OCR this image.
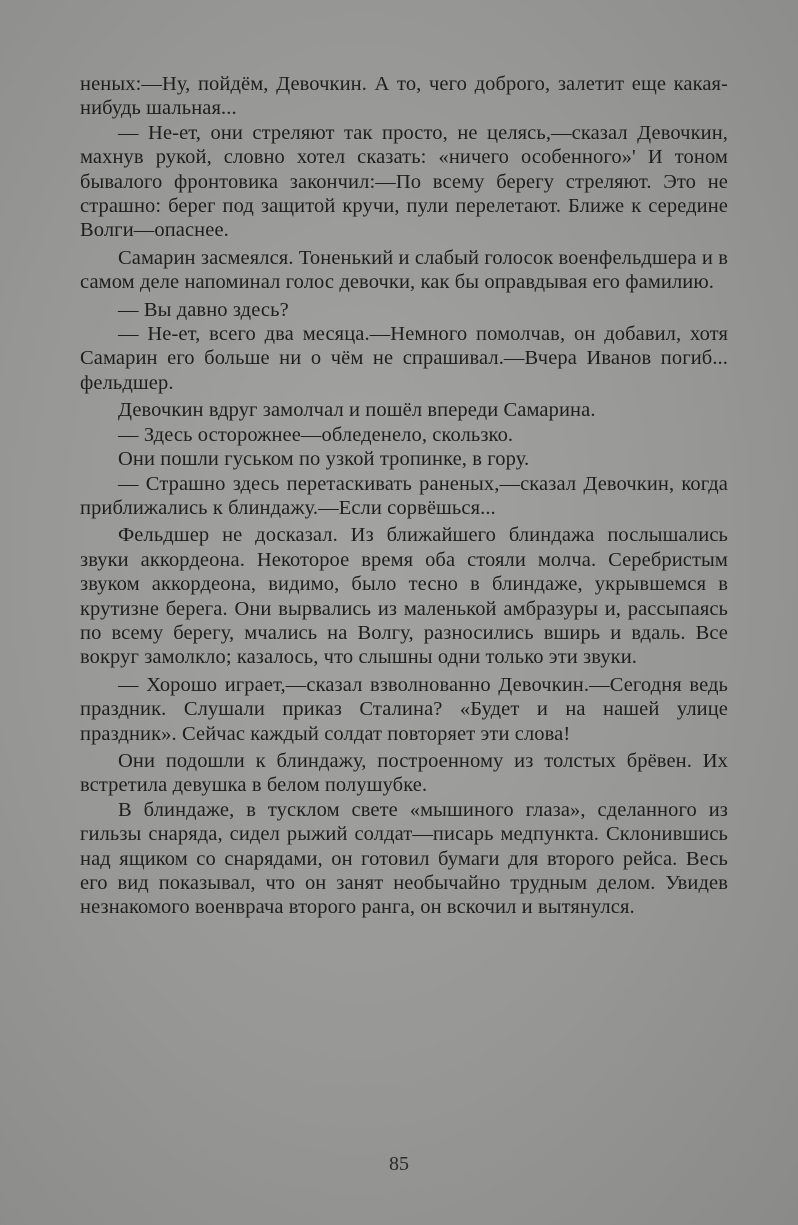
неных:—Ну, пойдём, Девочкин. А то, чего доброго, залетит еще какая-нибудь шальная...

— Не-ет, они стреляют так просто, не целясь,—сказал Девочкин, махнув рукой, словно хотел сказать: «ничего особенного»' И тоном бывалого фронтовика закончил:—По всему берегу стреляют. Это не страшно: берег под защитой кручи, пули перелетают. Ближе к середине Волги—опаснее.

Самарин засмеялся. Тоненький и слабый голосок военфельдшера и в самом деле напоминал голос девочки, как бы оправдывая его фамилию.

— Вы давно здесь?

— Не-ет, всего два месяца.—Немного помолчав, он добавил, хотя Самарин его больше ни о чём не спрашивал.—Вчера Иванов погиб... фельдшер.

Девочкин вдруг замолчал и пошёл впереди Самарина.

— Здесь осторожнее—обледенело, скользко.

Они пошли гуськом по узкой тропинке, в гору.

— Страшно здесь перетаскивать раненых,—сказал Девочкин, когда приближались к блиндажу.—Если сорвёшься...

Фельдшер не досказал. Из ближайшего блиндажа послышались звуки аккордеона. Некоторое время оба стояли молча. Серебристым звуком аккордеона, видимо, было тесно в блиндаже, укрывшемся в крутизне берега. Они вырвались из маленькой амбразуры и, рассыпаясь по всему берегу, мчались на Волгу, разносились вширь и вдаль. Все вокруг замолкло; казалось, что слышны одни только эти звуки.

— Хорошо играет,—сказал взволнованно Девочкин.—Сегодня ведь праздник. Слушали приказ Сталина? «Будет и на нашей улице праздник». Сейчас каждый солдат повторяет эти слова!

Они подошли к блиндажу, построенному из толстых брёвен. Их встретила девушка в белом полушубке.

В блиндаже, в тусклом свете «мышиного глаза», сделанного из гильзы снаряда, сидел рыжий солдат—писарь медпункта. Склонившись над ящиком со снарядами, он готовил бумаги для второго рейса. Весь его вид показывал, что он занят необычайно трудным делом. Увидев незнакомого военврача второго ранга, он вскочил и вытянулся.

85
